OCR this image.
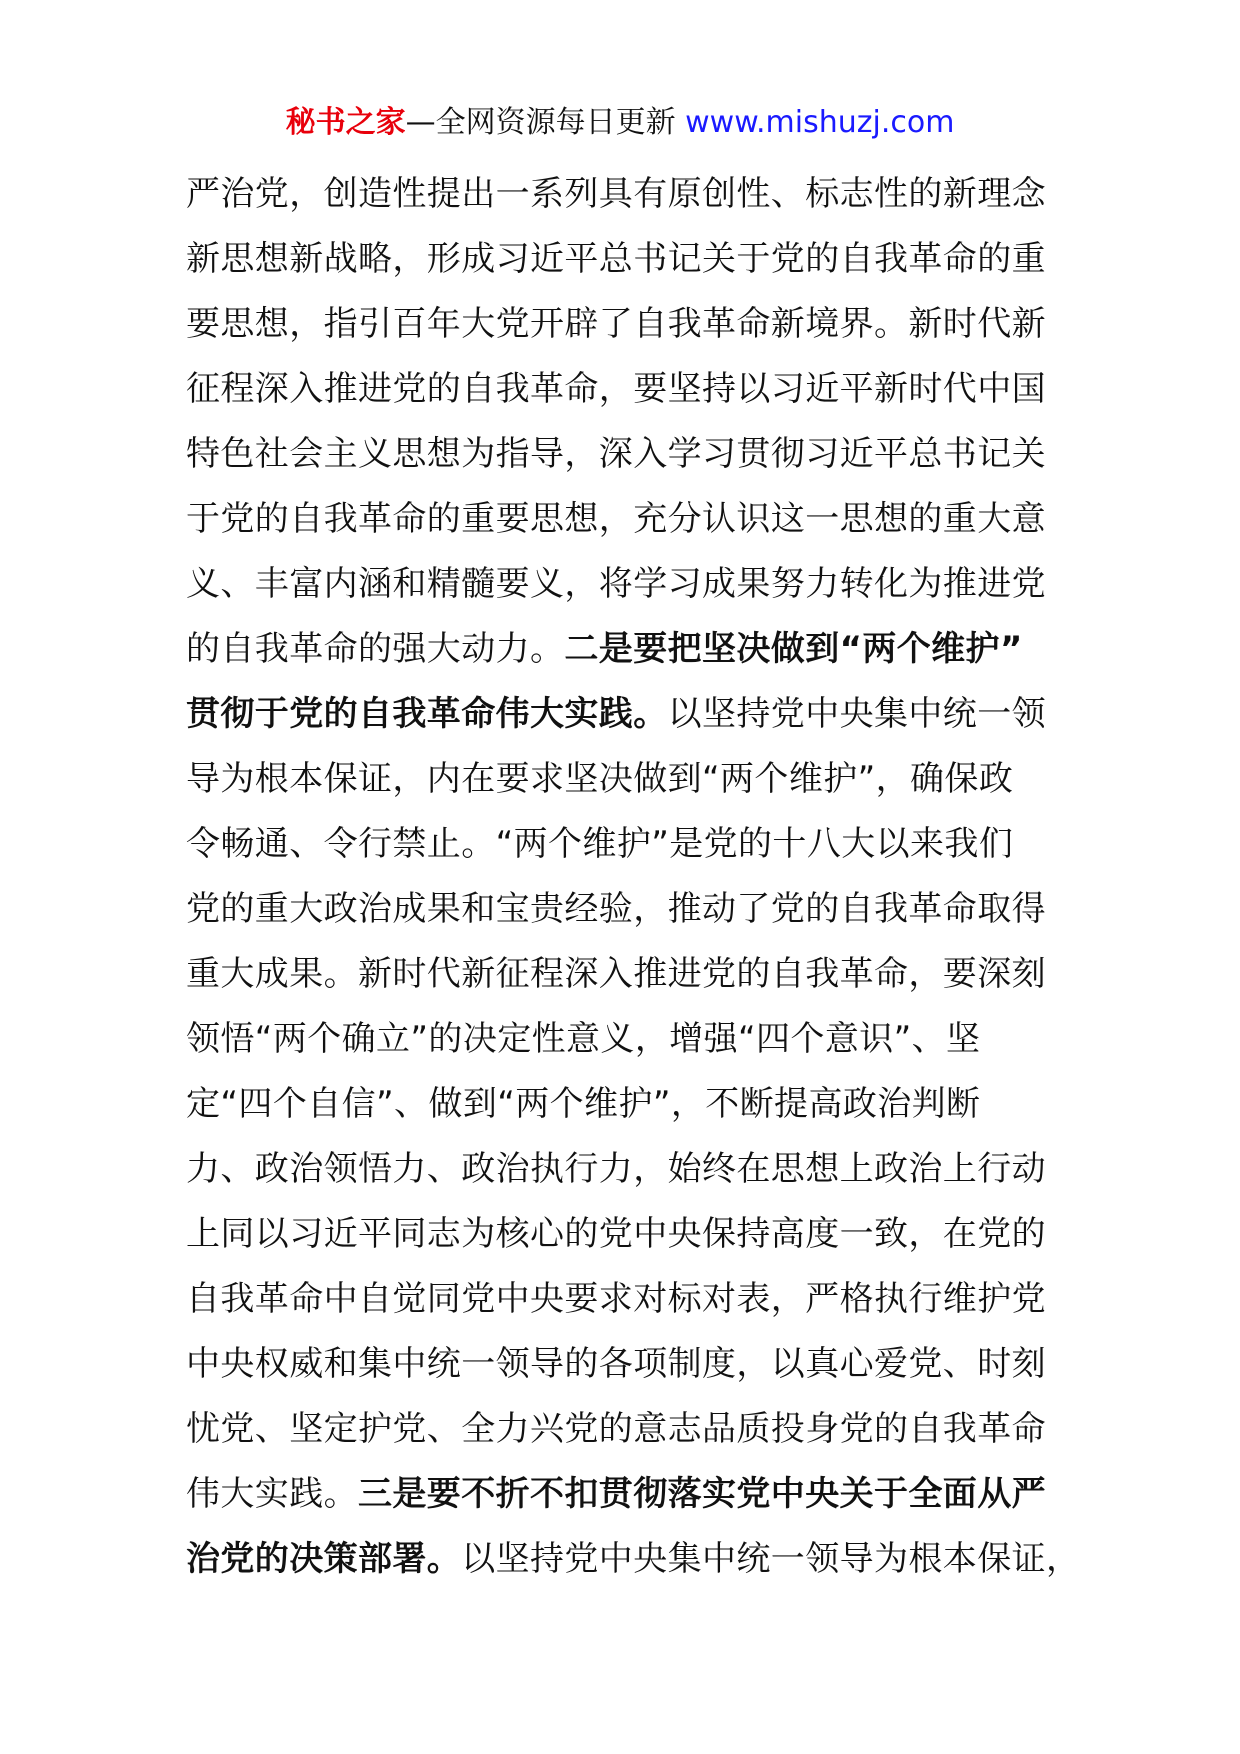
秘书之家—全网资源每日更新 www.mishuzj.com
严治党，创造性提出一系列具有原创性、标志性的新理念
新思想新战略，形成习近平总书记关于党的自我革命的重
要思想，指引百年大党开辟了自我革命新境界。新时代新
征程深入推进党的自我革命，要坚持以习近平新时代中国
特色社会主义思想为指导，深入学习贯彻习近平总书记关
于党的自我革命的重要思想，充分认识这一思想的重大意
义、丰富内涵和精髓要义，将学习成果努力转化为推进党
的自我革命的强大动力。二是要把坚决做到“两个维护”
贯彻于党的自我革命伟大实践。以坚持党中央集中统一领
导为根本保证，内在要求坚决做到“两个维护”，确保政
令畅通、令行禁止。“两个维护”是党的十八大以来我们
党的重大政治成果和宝贵经验，推动了党的自我革命取得
重大成果。新时代新征程深入推进党的自我革命，要深刻
领悟“两个确立”的决定性意义，增强“四个意识”、坚
定“四个自信”、做到“两个维护”，不断提高政治判断
力、政治领悟力、政治执行力，始终在思想上政治上行动
上同以习近平同志为核心的党中央保持高度一致，在党的
自我革命中自觉同党中央要求对标对表，严格执行维护党
中央权威和集中统一领导的各项制度，以真心爱党、时刻
忧党、坚定护党、全力兴党的意志品质投身党的自我革命
伟大实践。三是要不折不扣贯彻落实党中央关于全面从严
治党的决策部署。以坚持党中央集中统一领导为根本保证，
